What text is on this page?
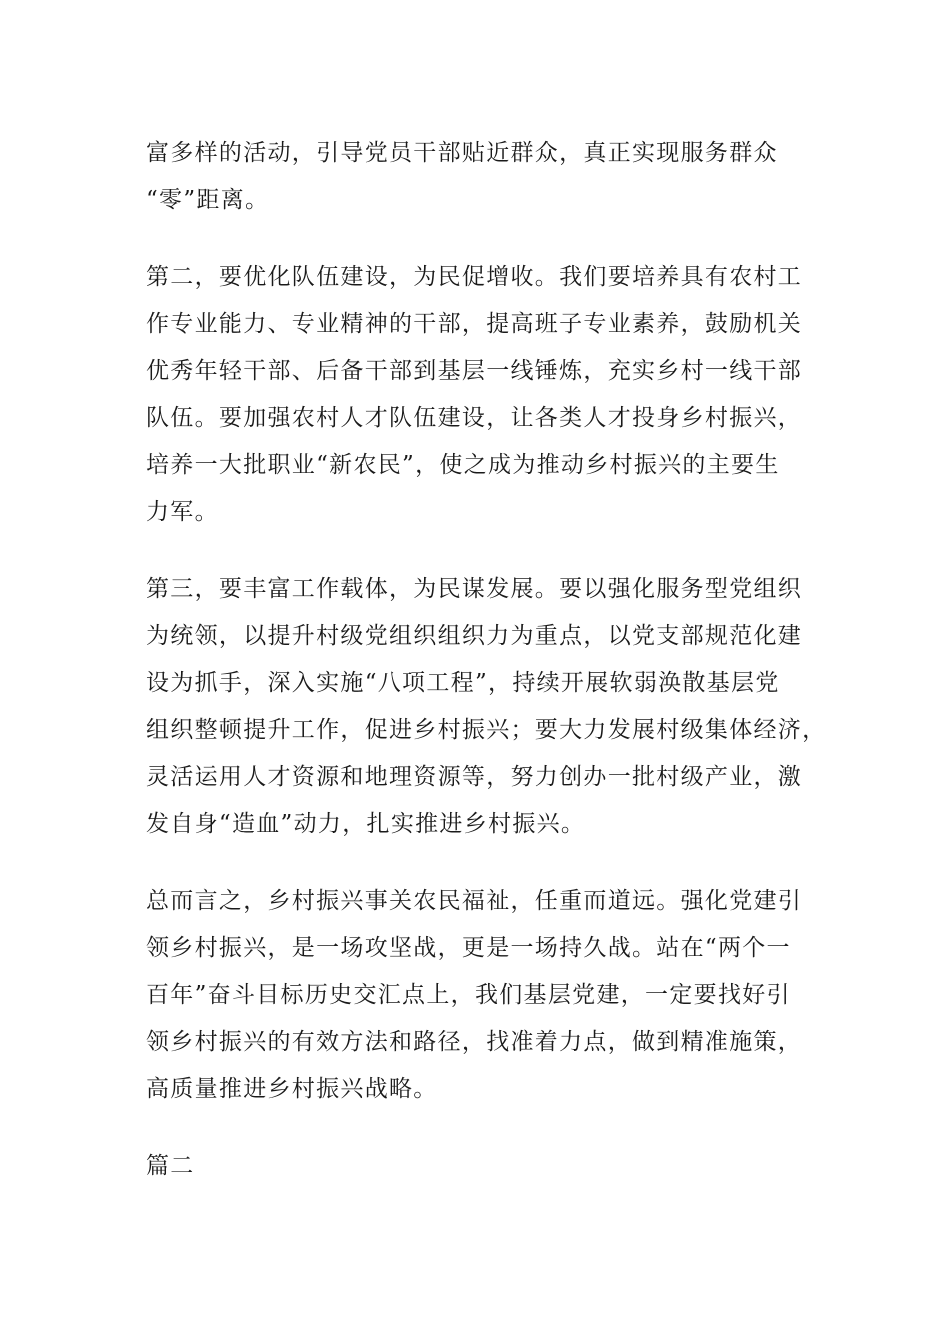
富多样的活动，引导党员干部贴近群众，真正实现服务群众
“零”距离。
第二，要优化队伍建设，为民促增收。我们要培养具有农村工
作专业能力、专业精神的干部，提高班子专业素养，鼓励机关
优秀年轻干部、后备干部到基层一线锤炼，充实乡村一线干部
队伍。要加强农村人才队伍建设，让各类人才投身乡村振兴，
培养一大批职业“新农民”，使之成为推动乡村振兴的主要生
力军。
第三，要丰富工作载体，为民谋发展。要以强化服务型党组织
为统领，以提升村级党组织组织力为重点，以党支部规范化建
设为抓手，深入实施“八项工程”，持续开展软弱涣散基层党
组织整顿提升工作，促进乡村振兴；要大力发展村级集体经济，
灵活运用人才资源和地理资源等，努力创办一批村级产业，激
发自身“造血”动力，扎实推进乡村振兴。
总而言之，乡村振兴事关农民福祉，任重而道远。强化党建引
领乡村振兴，是一场攻坚战，更是一场持久战。站在“两个一
百年”奋斗目标历史交汇点上，我们基层党建，一定要找好引
领乡村振兴的有效方法和路径，找准着力点，做到精准施策，
高质量推进乡村振兴战略。
篇二
